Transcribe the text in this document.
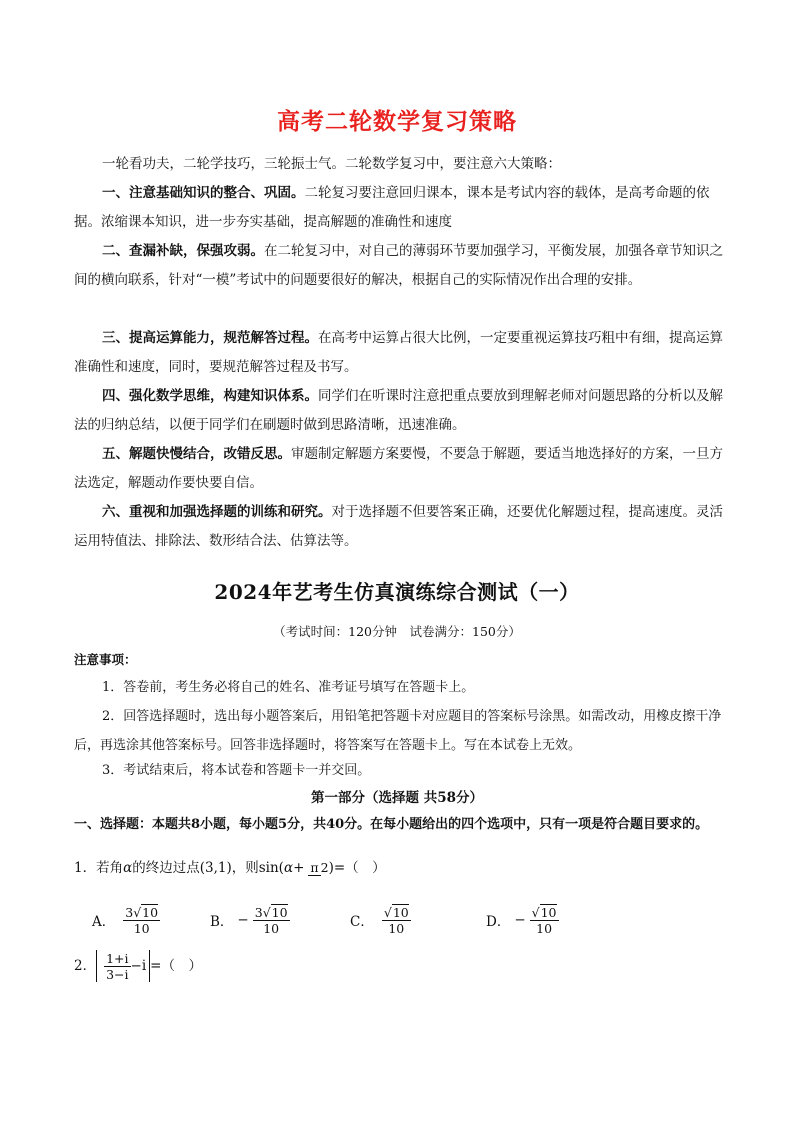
高考二轮数学复习策略

一轮看功夫，二轮学技巧，三轮振士气。二轮数学复习中，要注意六大策略：

一、注意基础知识的整合、巩固。二轮复习要注意回归课本，课本是考试内容的载体，是高考命题的依据。浓缩课本知识，进一步夯实基础，提高解题的准确性和速度

二、查漏补缺，保强攻弱。在二轮复习中，对自己的薄弱环节要加强学习，平衡发展，加强各章节知识之间的横向联系，针对“一模”考试中的问题要很好的解决，根据自己的实际情况作出合理的安排。

三、提高运算能力，规范解答过程。在高考中运算占很大比例，一定要重视运算技巧粗中有细，提高运算准确性和速度，同时，要规范解答过程及书写。

四、强化数学思维，构建知识体系。同学们在听课时注意把重点要放到理解老师对问题思路的分析以及解法的归纳总结，以便于同学们在刷题时做到思路清晰，迅速准确。

五、解题快慢结合，改错反思。审题制定解题方案要慢，不要急于解题，要适当地选择好的方案，一旦方法选定，解题动作要快要自信。

六、重视和加强选择题的训练和研究。对于选择题不但要答案正确，还要优化解题过程，提高速度。灵活运用特值法、排除法、数形结合法、估算法等。

2024年艺考生仿真演练综合测试（一）
（考试时间：120分钟　试卷满分：150分）
注意事项：

1．答卷前，考生务必将自己的姓名、准考证号填写在答题卡上。

2．回答选择题时，选出每小题答案后，用铅笔把答题卡对应题目的答案标号涂黑。如需改动，用橡皮擦干净后，再选涂其他答案标号。回答非选择题时，将答案写在答题卡上。写在本试卷上无效。

3．考试结束后，将本试卷和答题卡一并交回。

第一部分（选择题 共58分）
一、选择题：本题共8小题，每小题5分，共40分。在每小题给出的四个选项中，只有一项是符合题目要求的。
1．若角α的终边过点(3,1)，则sin(α+ π 2)=（　）
A． $\frac{3√10}{10}$	B． − $\frac{3√10}{10}$	C． $\frac{√10}{10}$	D． − $\frac{√10}{10}$
2． $\frac{1+i}{3-i} -i$ =（　）
